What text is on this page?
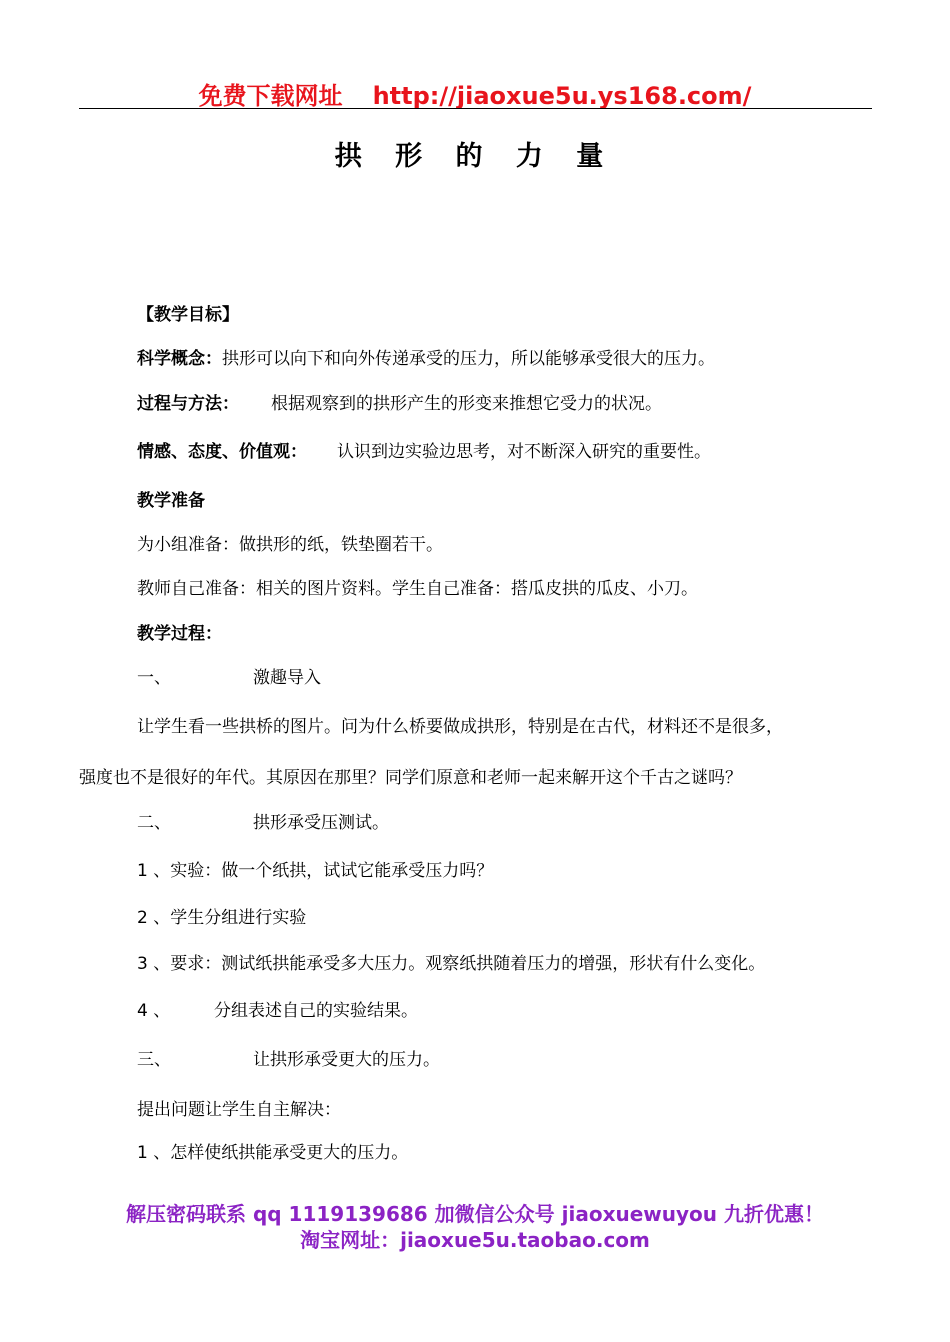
免费下载网址 http://jiaoxue5u.ys168.com/
拱 形 的 力 量
【教学目标】
科学概念：拱形可以向下和向外传递承受的压力，所以能够承受很大的压力。
过程与方法： 根据观察到的拱形产生的形变来推想它受力的状况。
情感、态度、价值观： 认识到边实验边思考，对不断深入研究的重要性。
教学准备
为小组准备：做拱形的纸，铁垫圈若干。
教师自己准备：相关的图片资料。学生自己准备：搭瓜皮拱的瓜皮、小刀。
教学过程：
一、	激趣导入
让学生看一些拱桥的图片。问为什么桥要做成拱形，特别是在古代，材料还不是很多，
强度也不是很好的年代。其原因在那里？同学们原意和老师一起来解开这个千古之谜吗？
二、	拱形承受压测试。
1 、实验：做一个纸拱，试试它能承受压力吗？
2 、学生分组进行实验
3 、要求：测试纸拱能承受多大压力。观察纸拱随着压力的增强，形状有什么变化。
4 、	分组表述自己的实验结果。
三、	让拱形承受更大的压力。
提出问题让学生自主解决：
1 、怎样使纸拱能承受更大的压力。
解压密码联系 qq 1119139686 加微信公众号 jiaoxuewuyou 九折优惠！
淘宝网址：jiaoxue5u.taobao.com
